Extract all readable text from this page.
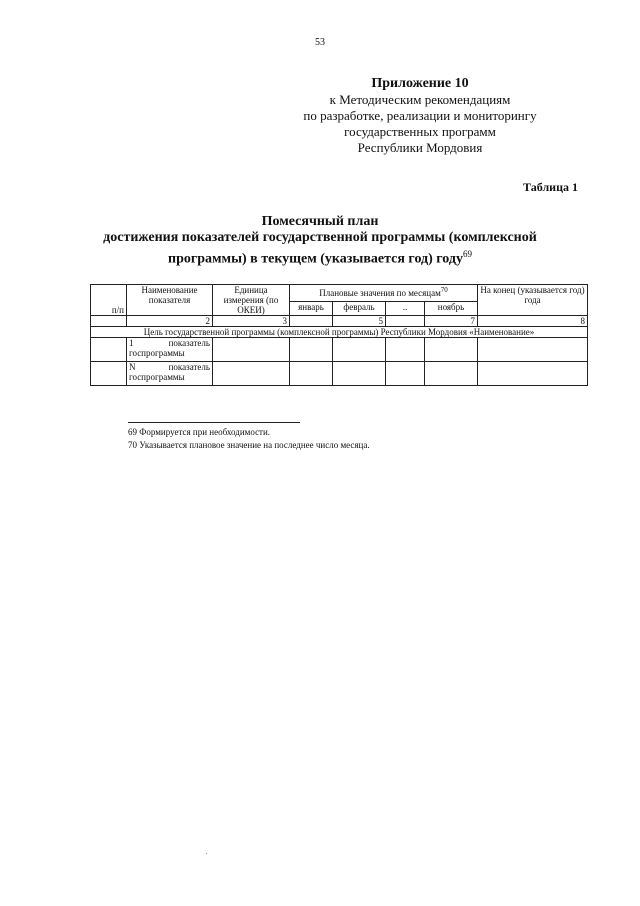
53
Приложение 10
к Методическим рекомендациям
по разработке, реализации и мониторингу
государственных программ
Республики Мордовия
Таблица 1
Помесячный план
достижения показателей государственной программы (комплексной
программы) в текущем (указывается год) году$^{69}$
п/п	Наименование показателя	Единица измерения (по ОКЕИ)	Плановые значения по месяцам$^{70}$				На конец (указывается год) года
			январь	февраль	..	ноябрь	
	2	3		5		7	8
Цель государственной программы (комплексной программы) Республики Мордовия «Наименование»							

	1 показатель
госпрограммы						

	N показатель
госпрограммы						

69 Формируется при необходимости.
70 Указывается плановое значение на последнее число месяца.
